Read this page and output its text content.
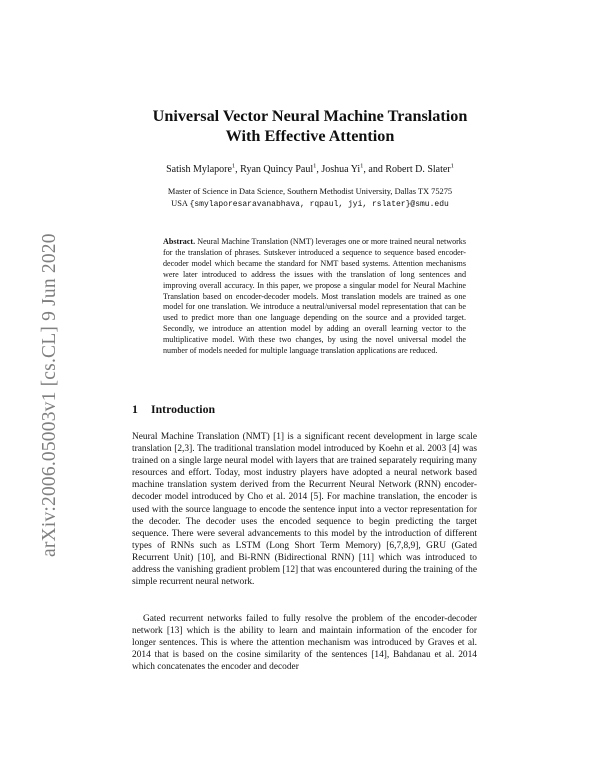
arXiv:2006.05003v1 [cs.CL] 9 Jun 2020
Universal Vector Neural Machine Translation
With Effective Attention
Satish Mylapore$^1$, Ryan Quincy Paul$^1$, Joshua Yi$^1$, and Robert D. Slater$^1$
Master of Science in Data Science, Southern Methodist University, Dallas TX 75275
USA {smylaporesaravanabhava, rqpaul, jyi, rslater}@smu.edu
Abstract. Neural Machine Translation (NMT) leverages one or more trained neural networks for the translation of phrases. Sutskever introduced a sequence to sequence based encoder-decoder model which became the standard for NMT based systems. Attention mechanisms were later introduced to address the issues with the translation of long sentences and improving overall accuracy. In this paper, we propose a singular model for Neural Machine Translation based on encoder-decoder models. Most translation models are trained as one model for one translation. We introduce a neutral/universal model representation that can be used to predict more than one language depending on the source and a provided target. Secondly, we introduce an attention model by adding an overall learning vector to the multiplicative model. With these two changes, by using the novel universal model the number of models needed for multiple language translation applications are reduced.
1 Introduction

Neural Machine Translation (NMT) [1] is a significant recent development in large scale translation [2,3]. The traditional translation model introduced by Koehn et al. 2003 [4] was trained on a single large neural model with layers that are trained separately requiring many resources and effort. Today, most industry players have adopted a neural network based machine translation system derived from the Recurrent Neural Network (RNN) encoder-decoder model introduced by Cho et al. 2014 [5]. For machine translation, the encoder is used with the source language to encode the sentence input into a vector representation for the decoder. The decoder uses the encoded sequence to begin predicting the target sequence. There were several advancements to this model by the introduction of different types of RNNs such as LSTM (Long Short Term Memory) [6,7,8,9], GRU (Gated Recurrent Unit) [10], and Bi-RNN (Bidirectional RNN) [11] which was introduced to address the vanishing gradient problem [12] that was encountered during the training of the simple recurrent neural network.

Gated recurrent networks failed to fully resolve the problem of the encoder-decoder network [13] which is the ability to learn and maintain information of the encoder for longer sentences. This is where the attention mechanism was introduced by Graves et al. 2014 that is based on the cosine similarity of the sentences [14], Bahdanau et al. 2014 which concatenates the encoder and decoder
